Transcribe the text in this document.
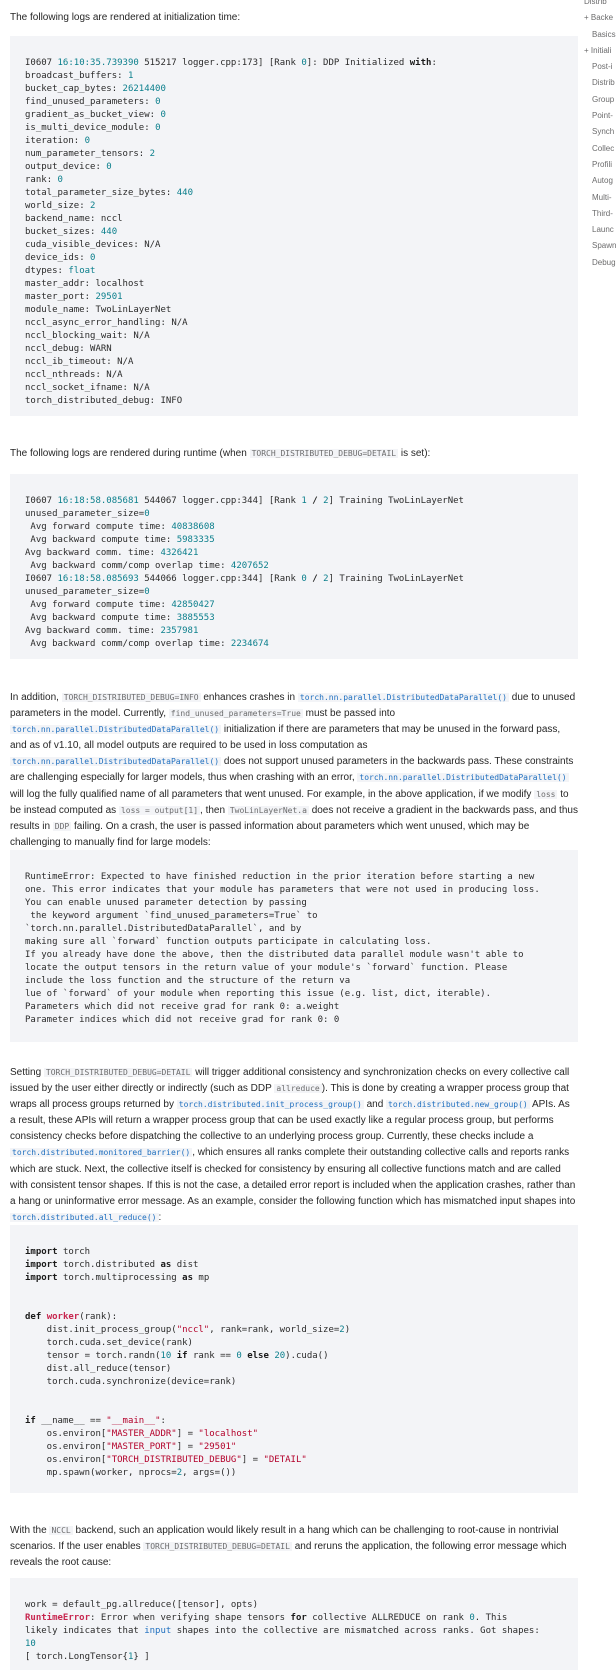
Distrib
+ Backe
Basics
+ Initiali
Post-i
Distrib
Group
Point-
Synch
Collec
Profili
Autog
Multi-
Third-
Launc
Spawn
Debug

The following logs are rendered at initialization time:

I0607 16:10:35.739390 515217 logger.cpp:173] [Rank 0]: DDP Initialized with:
broadcast_buffers: 1
bucket_cap_bytes: 26214400
find_unused_parameters: 0
gradient_as_bucket_view: 0
is_multi_device_module: 0
iteration: 0
num_parameter_tensors: 2
output_device: 0
rank: 0
total_parameter_size_bytes: 440
world_size: 2
backend_name: nccl
bucket_sizes: 440
cuda_visible_devices: N/A
device_ids: 0
dtypes: float
master_addr: localhost
master_port: 29501
module_name: TwoLinLayerNet
nccl_async_error_handling: N/A
nccl_blocking_wait: N/A
nccl_debug: WARN
nccl_ib_timeout: N/A
nccl_nthreads: N/A
nccl_socket_ifname: N/A
torch_distributed_debug: INFO

The following logs are rendered during runtime (when TORCH_DISTRIBUTED_DEBUG=DETAIL is set):

I0607 16:18:58.085681 544067 logger.cpp:344] [Rank 1 / 2] Training TwoLinLayerNet
unused_parameter_size=0
Avg forward compute time: 40838608
Avg backward compute time: 5983335
Avg backward comm. time: 4326421
Avg backward comm/comp overlap time: 4207652
I0607 16:18:58.085693 544066 logger.cpp:344] [Rank 0 / 2] Training TwoLinLayerNet
unused_parameter_size=0
Avg forward compute time: 42850427
Avg backward compute time: 3885553
Avg backward comm. time: 2357981
Avg backward comm/comp overlap time: 2234674

In addition, TORCH_DISTRIBUTED_DEBUG=INFO enhances crashes in torch.nn.parallel.DistributedDataParallel() due to unused parameters in the model. Currently, find_unused_parameters=True must be passed into torch.nn.parallel.DistributedDataParallel() initialization if there are parameters that may be unused in the forward pass, and as of v1.10, all model outputs are required to be used in loss computation as torch.nn.parallel.DistributedDataParallel() does not support unused parameters in the backwards pass. These constraints are challenging especially for larger models, thus when crashing with an error, torch.nn.parallel.DistributedDataParallel() will log the fully qualified name of all parameters that went unused. For example, in the above application, if we modify loss to be instead computed as loss = output[1] , then TwoLinLayerNet.a does not receive a gradient in the backwards pass, and thus results in DDP failing. On a crash, the user is passed information about parameters which went unused, which may be challenging to manually find for large models:

RuntimeError: Expected to have finished reduction in the prior iteration before starting a new
one. This error indicates that your module has parameters that were not used in producing loss.
You can enable unused parameter detection by passing
the keyword argument `find_unused_parameters=True` to
`torch.nn.parallel.DistributedDataParallel`, and by
making sure all `forward` function outputs participate in calculating loss.
If you already have done the above, then the distributed data parallel module wasn't able to
locate the output tensors in the return value of your module's `forward` function. Please
include the loss function and the structure of the return va
lue of `forward` of your module when reporting this issue (e.g. list, dict, iterable).
Parameters which did not receive grad for rank 0: a.weight
Parameter indices which did not receive grad for rank 0: 0

Setting TORCH_DISTRIBUTED_DEBUG=DETAIL will trigger additional consistency and synchronization checks on every collective call issued by the user either directly or indirectly (such as DDP allreduce ). This is done by creating a wrapper process group that wraps all process groups returned by torch.distributed.init_process_group() and torch.distributed.new_group() APIs. As a result, these APIs will return a wrapper process group that can be used exactly like a regular process group, but performs consistency checks before dispatching the collective to an underlying process group. Currently, these checks include a torch.distributed.monitored_barrier() , which ensures all ranks complete their outstanding collective calls and reports ranks which are stuck. Next, the collective itself is checked for consistency by ensuring all collective functions match and are called with consistent tensor shapes. If this is not the case, a detailed error report is included when the application crashes, rather than a hang or uninformative error message. As an example, consider the following function which has mismatched input shapes into torch.distributed.all_reduce() :

import torch
import torch.distributed as dist
import torch.multiprocessing as mp

def worker(rank):
dist.init_process_group("nccl", rank=rank, world_size=2)
torch.cuda.set_device(rank)
tensor = torch.randn(10 if rank == 0 else 20).cuda()
dist.all_reduce(tensor)
torch.cuda.synchronize(device=rank)

if __name__ == "__main__":
os.environ["MASTER_ADDR"] = "localhost"
os.environ["MASTER_PORT"] = "29501"
os.environ["TORCH_DISTRIBUTED_DEBUG"] = "DETAIL"
mp.spawn(worker, nprocs=2, args=())

With the NCCL backend, such an application would likely result in a hang which can be challenging to root-cause in nontrivial scenarios. If the user enables TORCH_DISTRIBUTED_DEBUG=DETAIL and reruns the application, the following error message which reveals the root cause:

work = default_pg.allreduce([tensor], opts)
RuntimeError: Error when verifying shape tensors for collective ALLREDUCE on rank 0. This
likely indicates that input shapes into the collective are mismatched across ranks. Got shapes:
10
[ torch.LongTensor{1} ]
